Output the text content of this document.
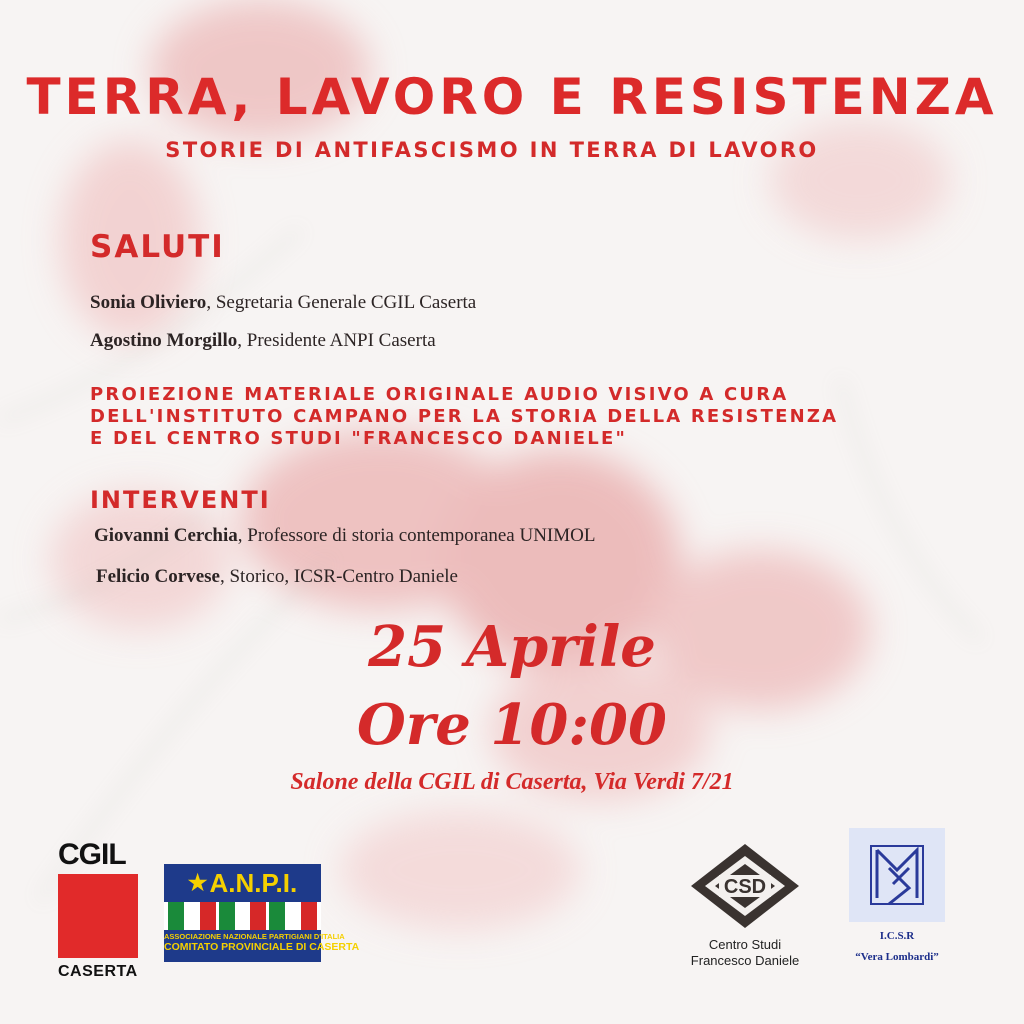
TERRA, LAVORO E RESISTENZA
STORIE DI ANTIFASCISMO IN TERRA DI LAVORO
SALUTI
Sonia Oliviero, Segretaria Generale CGIL Caserta
Agostino Morgillo, Presidente ANPI Caserta
PROIEZIONE MATERIALE ORIGINALE AUDIO VISIVO A CURA
DELL'INSTITUTO CAMPANO PER LA STORIA DELLA RESISTENZA
E DEL CENTRO STUDI "FRANCESCO DANIELE"
INTERVENTI
Giovanni Cerchia, Professore di storia contemporanea UNIMOL
Felicio Corvese, Storico, ICSR-Centro Daniele
25 Aprile
Ore 10:00
Salone della CGIL di Caserta, Via Verdi 7/21
CGIL
CASERTA
★ A.N.P.I.
ASSOCIAZIONE NAZIONALE PARTIGIANI D'ITALIA
COMITATO PROVINCIALE DI CASERTA
CSD
Centro Studi
Francesco Daniele
I.C.S.R
“Vera Lombardi”
